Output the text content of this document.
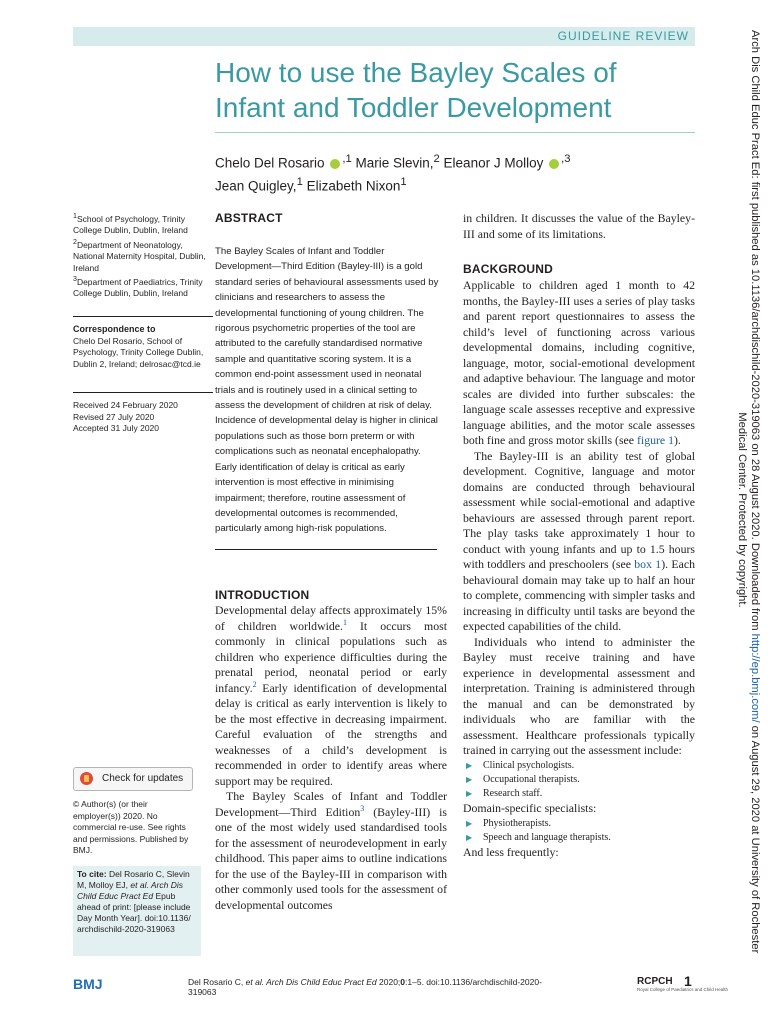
GUIDELINE REVIEW
How to use the Bayley Scales of
Infant and Toddler Development
Chelo Del Rosario $^{,1}$ Marie Slevin,$^2$ Eleanor J Molloy $^{,3}$
Jean Quigley,$^1$ Elizabeth Nixon$^1$
$^1$School of Psychology, Trinity College Dublin, Dublin, Ireland
$^2$Department of Neonatology, National Maternity Hospital, Dublin, Ireland
$^3$Department of Paediatrics, Trinity College Dublin, Dublin, Ireland
Correspondence to
Chelo Del Rosario, School of Psychology, Trinity College Dublin, Dublin 2, Ireland; delrosac@tcd.ie
Received 24 February 2020
Revised 27 July 2020
Accepted 31 July 2020
Check for updates
© Author(s) (or their employer(s)) 2020. No commercial re-use. See rights and permissions. Published by BMJ.
To cite: Del Rosario C, Slevin M, Molloy EJ, et al. Arch Dis Child Educ Pract Ed Epub ahead of print: [please include Day Month Year]. doi:10.1136/ archdischild-2020-319063
ABSTRACT
The Bayley Scales of Infant and Toddler Development—Third Edition (Bayley-III) is a gold standard series of behavioural assessments used by clinicians and researchers to assess the developmental functioning of young children. The rigorous psychometric properties of the tool are attributed to the carefully standardised normative sample and quantitative scoring system. It is a common end-point assessment used in neonatal trials and is routinely used in a clinical setting to assess the development of children at risk of delay. Incidence of developmental delay is higher in clinical populations such as those born preterm or with complications such as neonatal encephalopathy. Early identification of delay is critical as early intervention is most effective in minimising impairment; therefore, routine assessment of developmental outcomes is recommended, particularly among high-risk populations.
INTRODUCTION

Developmental delay affects approximately 15% of children worldwide.$^1$ It occurs most commonly in clinical populations such as children who experience difficulties during the prenatal period, neonatal period or early infancy.$^2$ Early identification of developmental delay is critical as early intervention is likely to be the most effective in decreasing impairment. Careful evaluation of the strengths and weaknesses of a child’s development is recommended in order to identify areas where support may be required.

The Bayley Scales of Infant and Toddler Development—Third Edition$^3$ (Bayley-III) is one of the most widely used standardised tools for the assessment of neurodevelopment in early childhood. This paper aims to outline indications for the use of the Bayley-III in comparison with other commonly used tools for the assessment of developmental outcomes

in children. It discusses the value of the Bayley-III and some of its limitations.

BACKGROUND

Applicable to children aged 1 month to 42 months, the Bayley-III uses a series of play tasks and parent report questionnaires to assess the child’s level of functioning across various developmental domains, including cognitive, language, motor, social-emotional development and adaptive behaviour. The language and motor scales are divided into further subscales: the language scale assesses receptive and expressive language abilities, and the motor scale assesses both fine and gross motor skills (see figure 1).

The Bayley-III is an ability test of global development. Cognitive, language and motor domains are conducted through behavioural assessment while social-emotional and adaptive behaviours are assessed through parent report. The play tasks take approximately 1 hour to conduct with young infants and up to 1.5 hours with toddlers and preschoolers (see box 1). Each behavioural domain may take up to half an hour to complete, commencing with simpler tasks and increasing in difficulty until tasks are beyond the expected capabilities of the child.

Individuals who intend to administer the Bayley must receive training and have experience in developmental assessment and interpretation. Training is administered through the manual and can be demonstrated by individuals who are familiar with the assessment. Healthcare professionals typically trained in carrying out the assessment include:

▶ Clinical psychologists.
▶ Occupational therapists.
▶ Research staff.

Domain-specific specialists:

▶ Physiotherapists.
▶ Speech and language therapists.

And less frequently:

Arch Dis Child Educ Pract Ed: first published as 10.1136/archdischild-2020-319063 on 28 August 2020. Downloaded from http://ep.bmj.com/ on August 29, 2020 at University of Rochester
Medical Center. Protected by copyright.
BMJ	Del Rosario C, et al. Arch Dis Child Educ Pract Ed 2020;0:1–5. doi:10.1136/archdischild-2020-319063
RCPCH
Royal College of Paediatrics and Child Health
1
